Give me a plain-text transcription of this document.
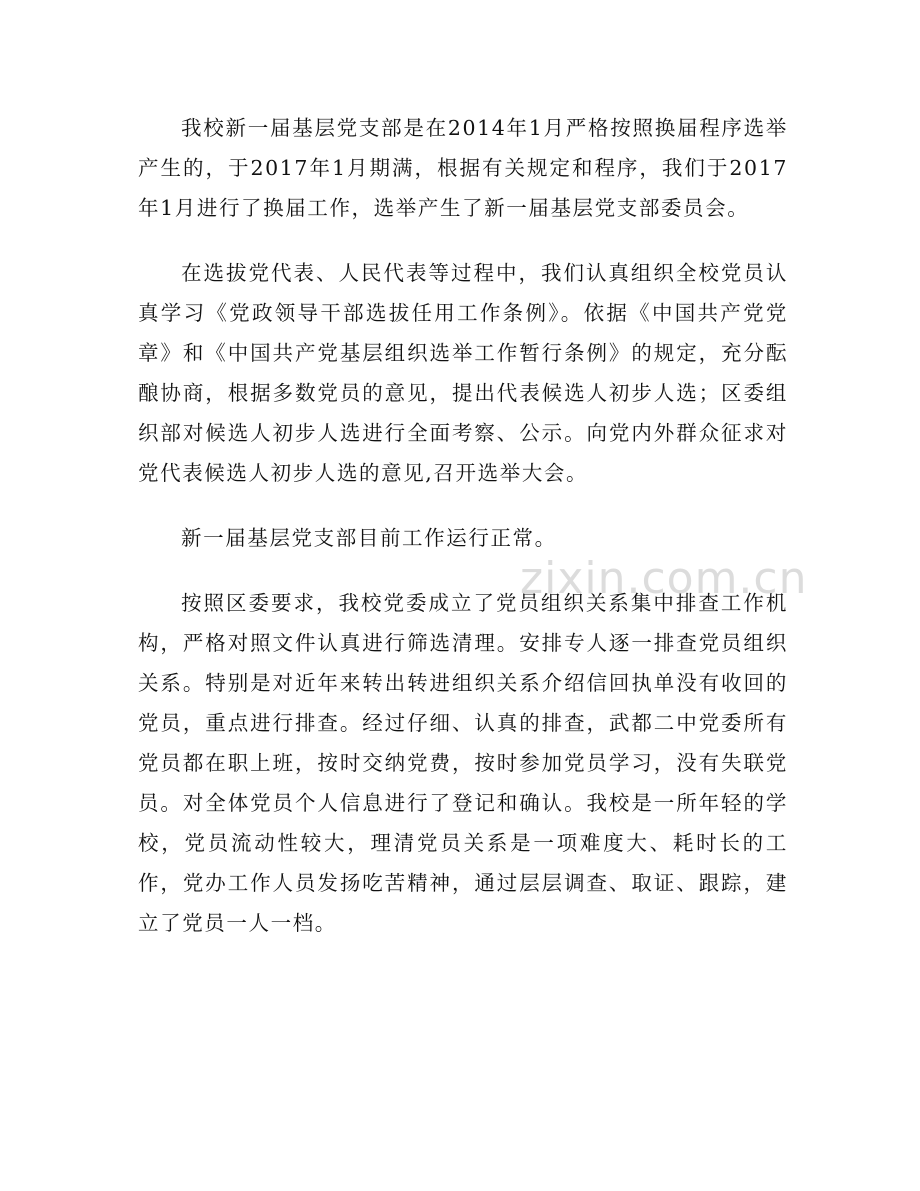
我校新一届基层党支部是在2014年1月严格按照换届程序选举产生的，于2017年1月期满，根据有关规定和程序，我们于2017年1月进行了换届工作，选举产生了新一届基层党支部委员会。

在选拔党代表、人民代表等过程中，我们认真组织全校党员认真学习《党政领导干部选拔任用工作条例》。依据《中国共产党党章》和《中国共产党基层组织选举工作暂行条例》的规定，充分酝酿协商，根据多数党员的意见，提出代表候选人初步人选；区委组织部对候选人初步人选进行全面考察、公示。向党内外群众征求对党代表候选人初步人选的意见,召开选举大会。

新一届基层党支部目前工作运行正常。

按照区委要求，我校党委成立了党员组织关系集中排查工作机构，严格对照文件认真进行筛选清理。安排专人逐一排查党员组织关系。特别是对近年来转出转进组织关系介绍信回执单没有收回的党员，重点进行排查。经过仔细、认真的排查，武都二中党委所有党员都在职上班，按时交纳党费，按时参加党员学习，没有失联党员。对全体党员个人信息进行了登记和确认。我校是一所年轻的学校，党员流动性较大，理清党员关系是一项难度大、耗时长的工作，党办工作人员发扬吃苦精神，通过层层调查、取证、跟踪，建立了党员一人一档。

zixin.com.cn
